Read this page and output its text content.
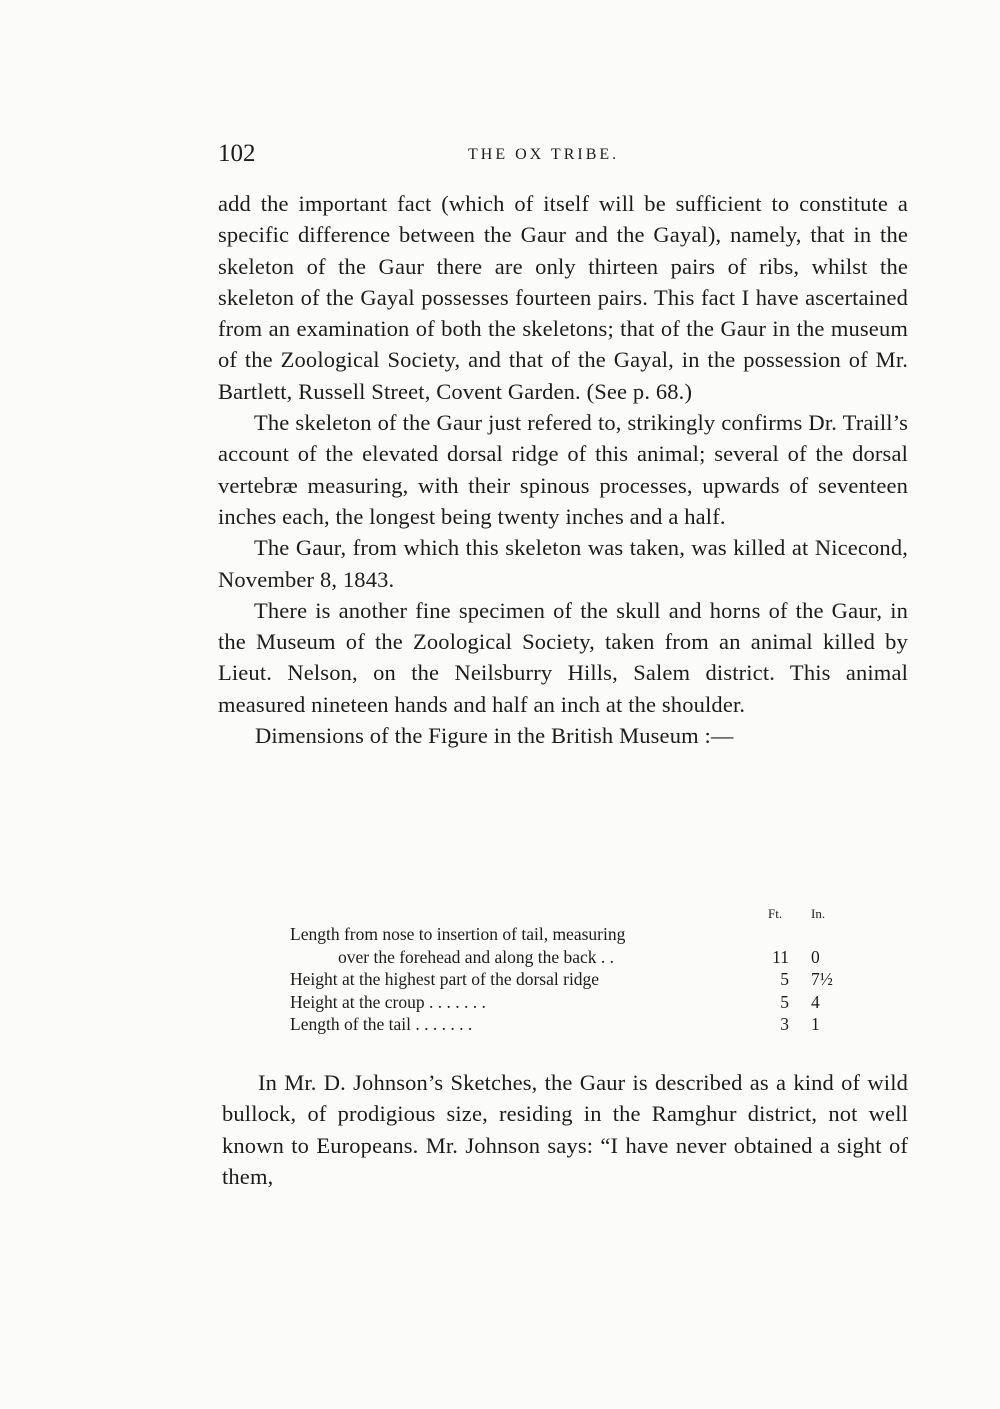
102	THE OX TRIBE.

add the important fact (which of itself will be sufficient to constitute a specific difference between the Gaur and the Gayal), namely, that in the skeleton of the Gaur there are only thirteen pairs of ribs, whilst the skeleton of the Gayal possesses fourteen pairs. This fact I have ascertained from an examination of both the skeletons; that of the Gaur in the museum of the Zoological Society, and that of the Gayal, in the possession of Mr. Bartlett, Russell Street, Covent Garden. (See p. 68.)

The skeleton of the Gaur just refered to, strikingly confirms Dr. Traill’s account of the elevated dorsal ridge of this animal; several of the dorsal vertebræ measuring, with their spinous processes, upwards of seventeen inches each, the longest being twenty inches and a half.

The Gaur, from which this skeleton was taken, was killed at Nicecond, November 8, 1843.

There is another fine specimen of the skull and horns of the Gaur, in the Museum of the Zoological Society, taken from an animal killed by Lieut. Nelson, on the Neilsburry Hills, Salem district. This animal measured nineteen hands and half an inch at the shoulder.

Dimensions of the Figure in the British Museum :—

Ft. In.
Length from nose to insertion of tail, measuring
over the forehead and along the back . .	11 0
Height at the highest part of the dorsal ridge	5 7½
Height at the croup . . . . . . .	5 4
Length of the tail . . . . . . .	3 1

In Mr. D. Johnson’s Sketches, the Gaur is described as a kind of wild bullock, of prodigious size, residing in the Ramghur district, not well known to Europeans. Mr. Johnson says: “I have never obtained a sight of them,
